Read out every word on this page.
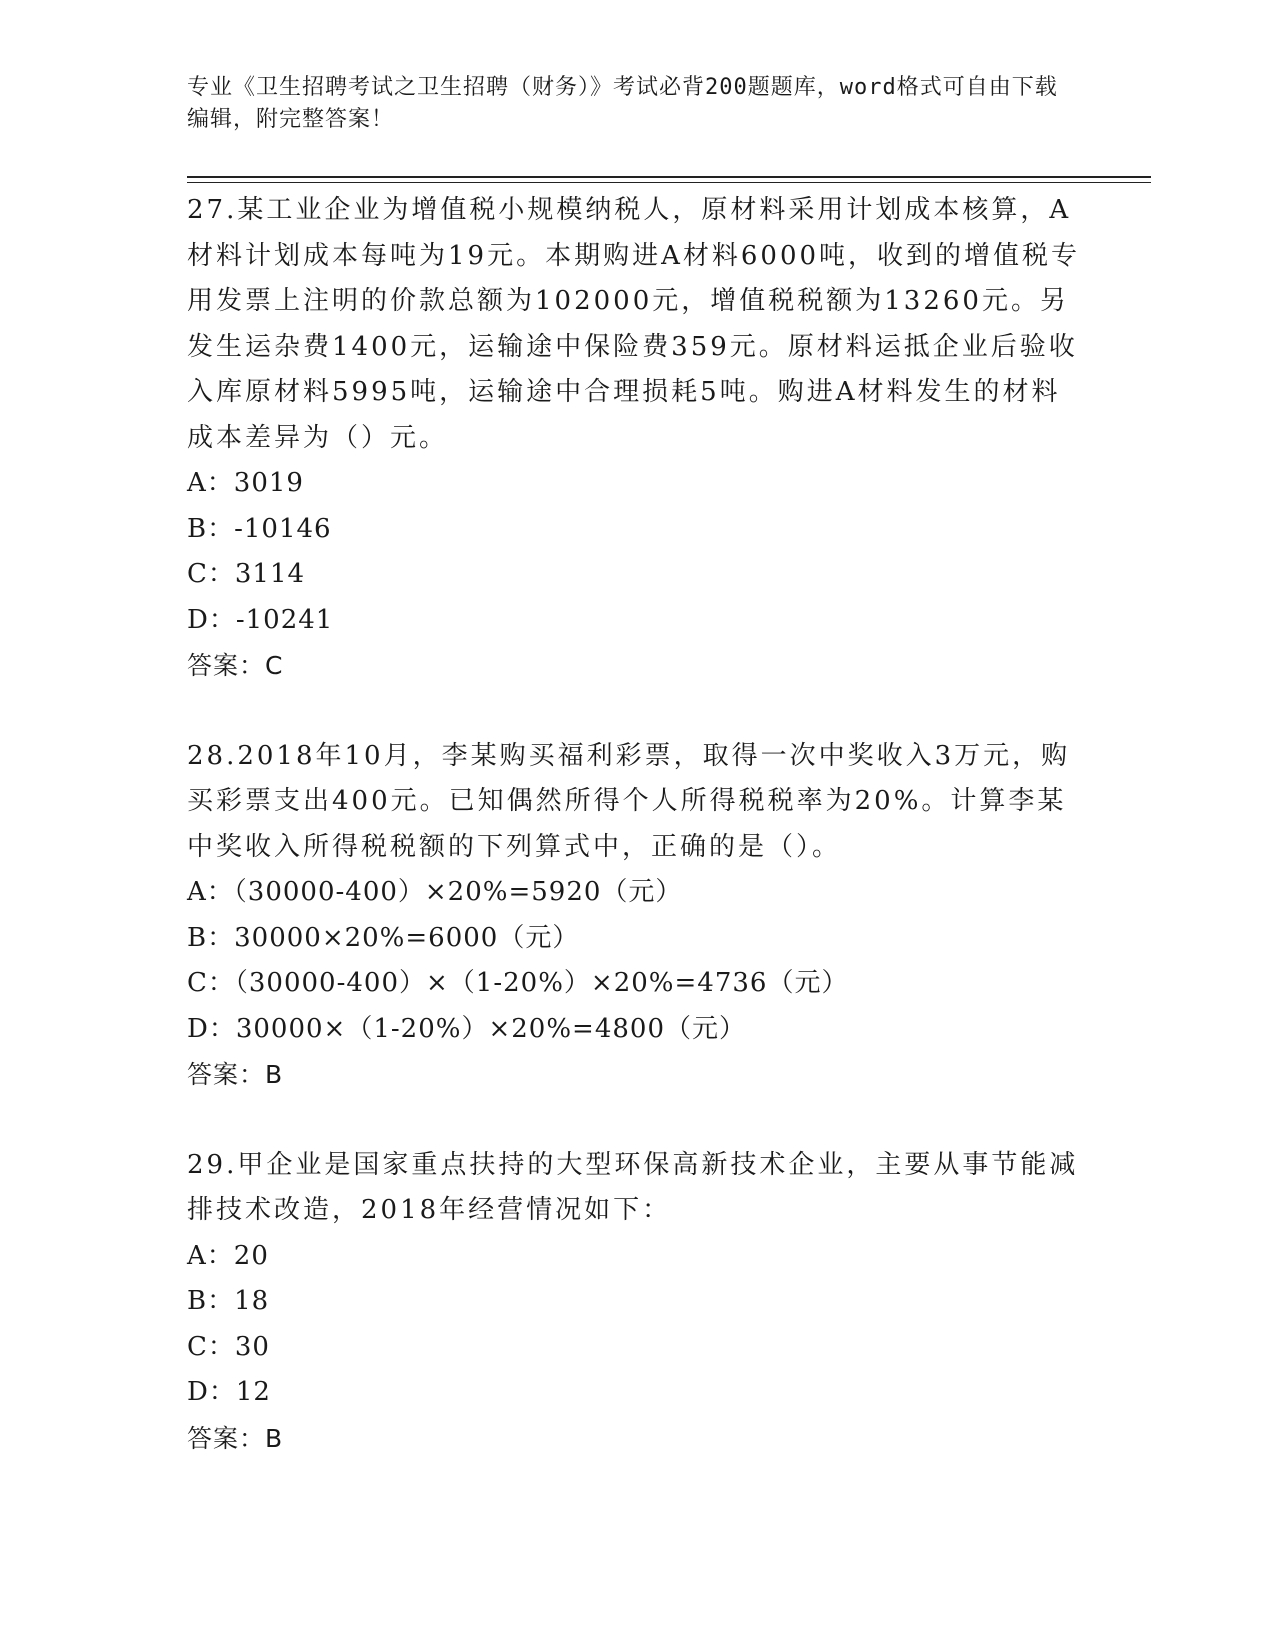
专业《卫生招聘考试之卫生招聘（财务）》考试必背200题题库，word格式可自由下载编辑，附完整答案！

27.某工业企业为增值税小规模纳税人，原材料采用计划成本核算，A材料计划成本每吨为19元。本期购进A材料6000吨，收到的增值税专用发票上注明的价款总额为102000元，增值税税额为13260元。另发生运杂费1400元，运输途中保险费359元。原材料运抵企业后验收入库原材料5995吨，运输途中合理损耗5吨。购进A材料发生的材料成本差异为（）元。

A：3019

B：-10146

C：3114

D：-10241

答案：C

28.2018年10月，李某购买福利彩票，取得一次中奖收入3万元，购买彩票支出400元。已知偶然所得个人所得税税率为20%。计算李某中奖收入所得税税额的下列算式中，正确的是（）。

A：（30000-400）×20%=5920（元）

B：30000×20%=6000（元）

C：（30000-400）×（1-20%）×20%=4736（元）

D：30000×（1-20%）×20%=4800（元）

答案：B

29.甲企业是国家重点扶持的大型环保高新技术企业，主要从事节能减排技术改造，2018年经营情况如下：

A：20

B：18

C：30

D：12

答案：B
